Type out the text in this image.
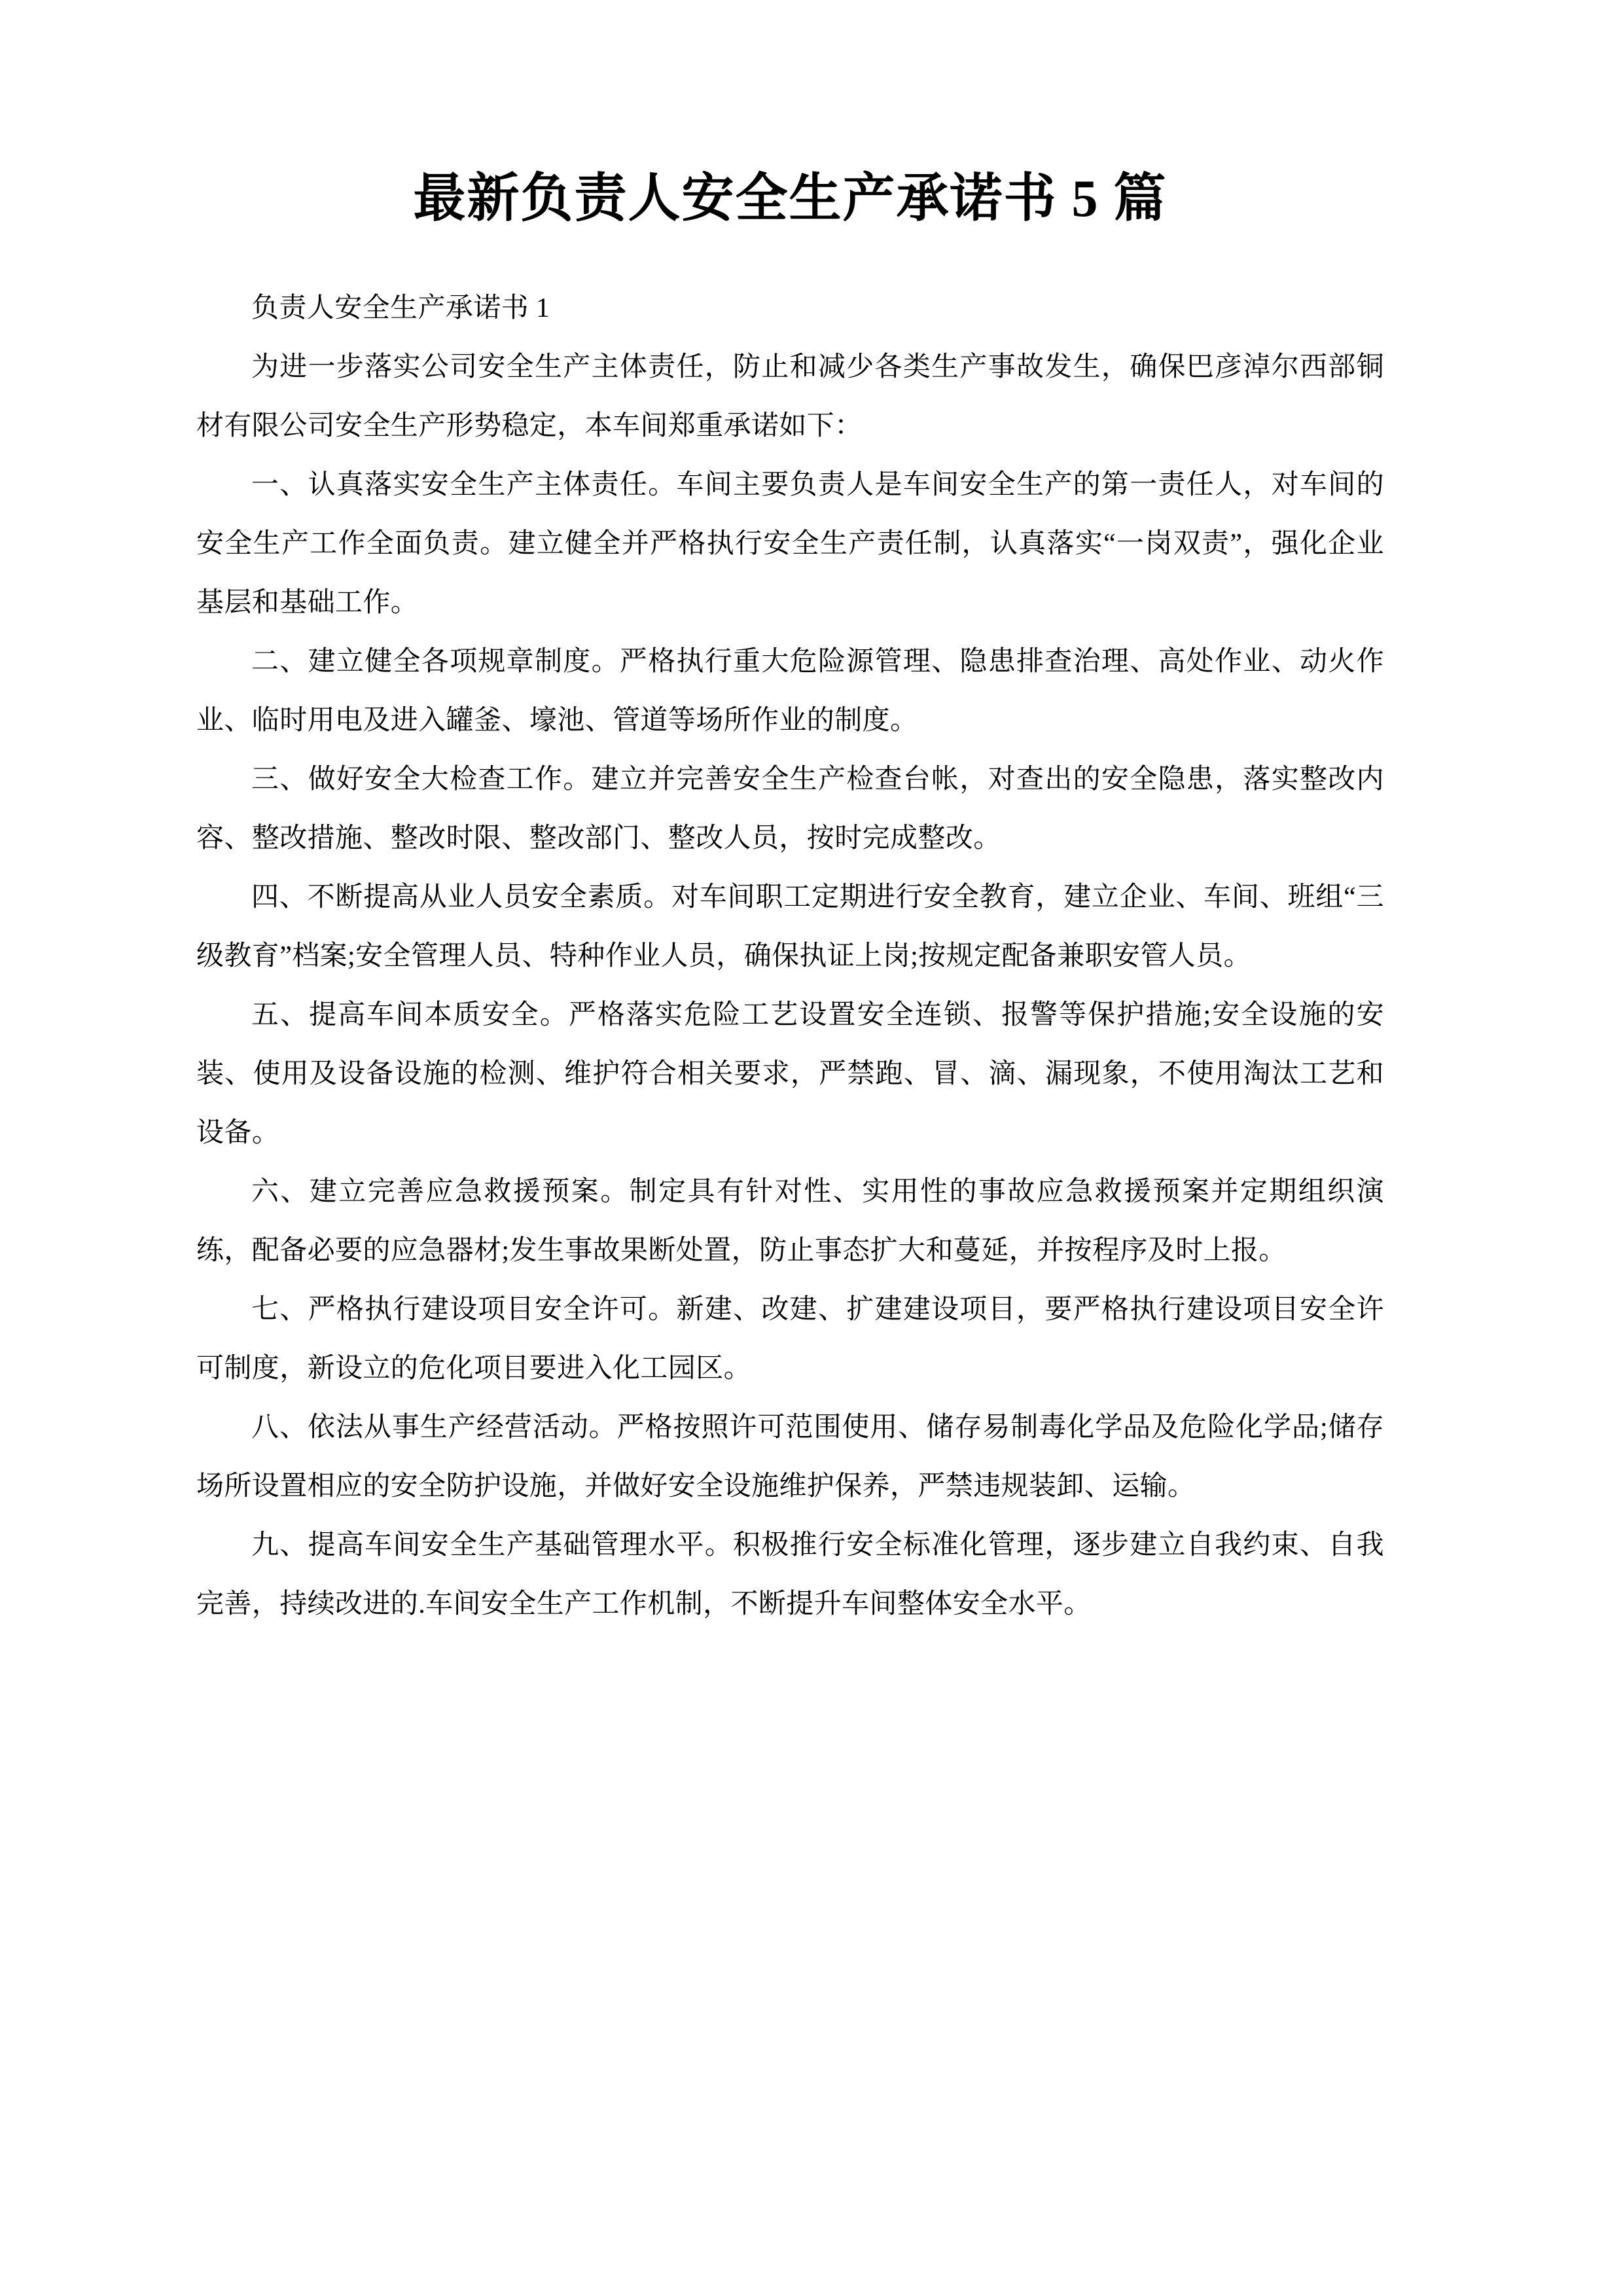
最新负责人安全生产承诺书 5 篇

负责人安全生产承诺书 1

为进一步落实公司安全生产主体责任，防止和减少各类生产事故发生，确保巴彦淖尔西部铜材有限公司安全生产形势稳定，本车间郑重承诺如下：

一、认真落实安全生产主体责任。车间主要负责人是车间安全生产的第一责任人，对车间的安全生产工作全面负责。建立健全并严格执行安全生产责任制，认真落实“一岗双责”，强化企业基层和基础工作。

二、建立健全各项规章制度。严格执行重大危险源管理、隐患排查治理、高处作业、动火作业、临时用电及进入罐釜、壕池、管道等场所作业的制度。

三、做好安全大检查工作。建立并完善安全生产检查台帐，对查出的安全隐患，落实整改内容、整改措施、整改时限、整改部门、整改人员，按时完成整改。

四、不断提高从业人员安全素质。对车间职工定期进行安全教育，建立企业、车间、班组“三级教育”档案;安全管理人员、特种作业人员，确保执证上岗;按规定配备兼职安管人员。

五、提高车间本质安全。严格落实危险工艺设置安全连锁、报警等保护措施;安全设施的安装、使用及设备设施的检测、维护符合相关要求，严禁跑、冒、滴、漏现象，不使用淘汰工艺和设备。

六、建立完善应急救援预案。制定具有针对性、实用性的事故应急救援预案并定期组织演练，配备必要的应急器材;发生事故果断处置，防止事态扩大和蔓延，并按程序及时上报。

七、严格执行建设项目安全许可。新建、改建、扩建建设项目，要严格执行建设项目安全许可制度，新设立的危化项目要进入化工园区。

八、依法从事生产经营活动。严格按照许可范围使用、储存易制毒化学品及危险化学品;储存场所设置相应的安全防护设施，并做好安全设施维护保养，严禁违规装卸、运输。

九、提高车间安全生产基础管理水平。积极推行安全标准化管理，逐步建立自我约束、自我完善，持续改进的.车间安全生产工作机制，不断提升车间整体安全水平。
